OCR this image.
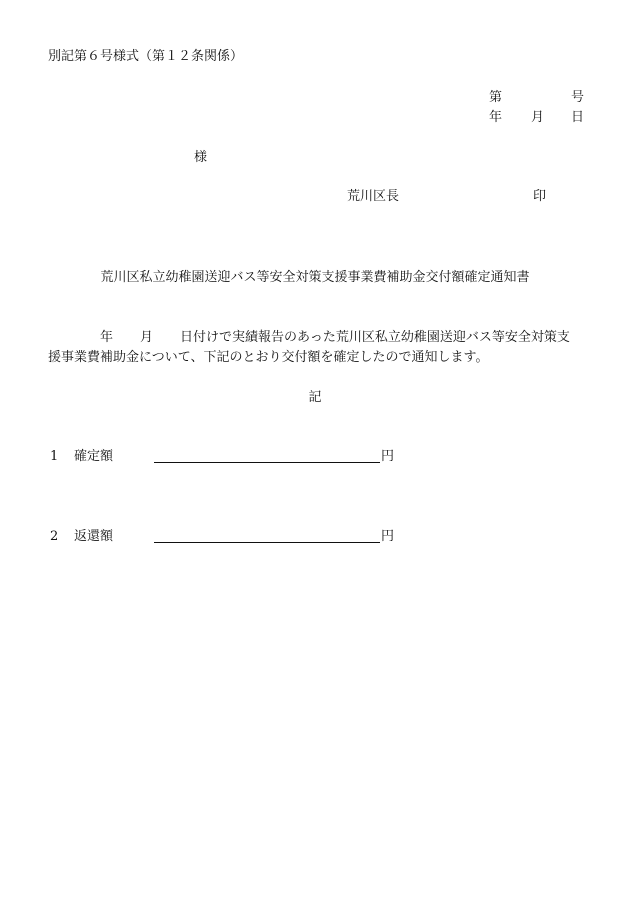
別記第６号様式（第１２条関係）
第	号
年 月 日
様
荒川区長	印
荒川区私立幼稚園送迎バス等安全対策支援事業費補助金交付額確定通知書
年 月 日付けで実績報告のあった荒川区私立幼稚園送迎バス等安全対策支
援事業費補助金について、下記のとおり交付額を確定したので通知します。
記
1 確定額	円
2 返還額	円
